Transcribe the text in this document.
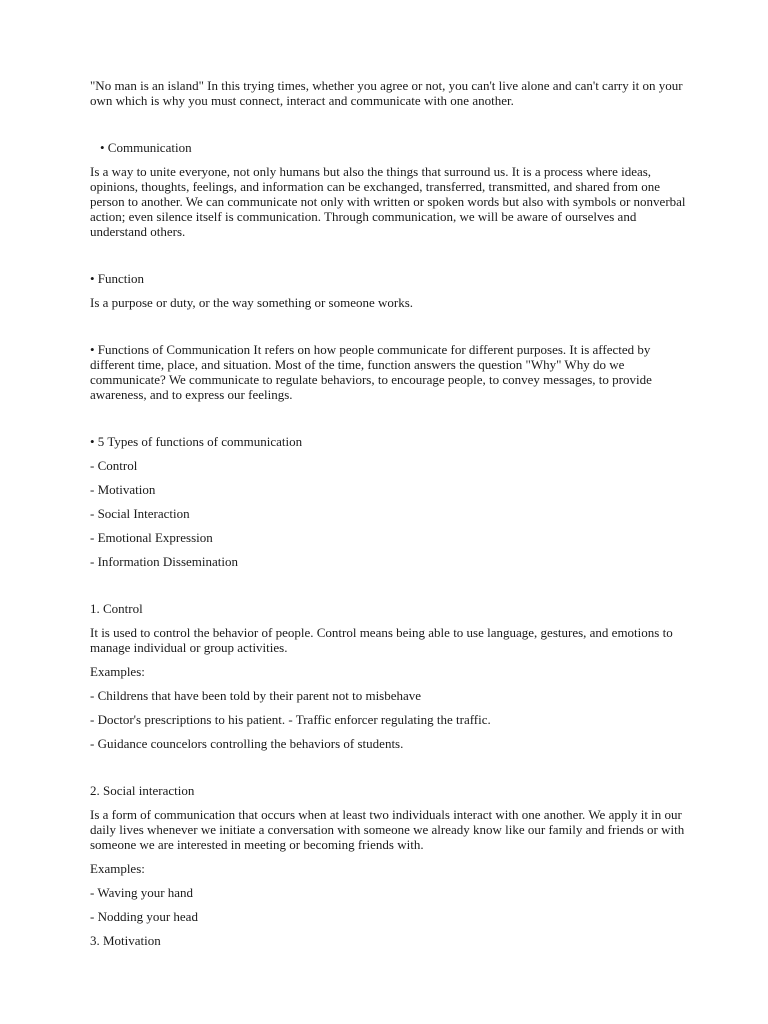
"No man is an island" In this trying times, whether you agree or not, you can't live alone and can't carry it on your own which is why you must connect, interact and communicate with one another.

• Communication

Is a way to unite everyone, not only humans but also the things that surround us. It is a process where ideas, opinions, thoughts, feelings, and information can be exchanged, transferred, transmitted, and shared from one person to another. We can communicate not only with written or spoken words but also with symbols or nonverbal action; even silence itself is communication. Through communication, we will be aware of ourselves and understand others.

• Function

Is a purpose or duty, or the way something or someone works.

• Functions of Communication It refers on how people communicate for different purposes. It is affected by different time, place, and situation. Most of the time, function answers the question "Why" Why do we communicate? We communicate to regulate behaviors, to encourage people, to convey messages, to provide awareness, and to express our feelings.

• 5 Types of functions of communication

- Control

- Motivation

- Social Interaction

- Emotional Expression

- Information Dissemination

1. Control

It is used to control the behavior of people. Control means being able to use language, gestures, and emotions to manage individual or group activities.

Examples:

- Childrens that have been told by their parent not to misbehave

- Doctor's prescriptions to his patient. - Traffic enforcer regulating the traffic.

- Guidance councelors controlling the behaviors of students.

2. Social interaction

Is a form of communication that occurs when at least two individuals interact with one another. We apply it in our daily lives whenever we initiate a conversation with someone we already know like our family and friends or with someone we are interested in meeting or becoming friends with.

Examples:

- Waving your hand

- Nodding your head

3. Motivation
